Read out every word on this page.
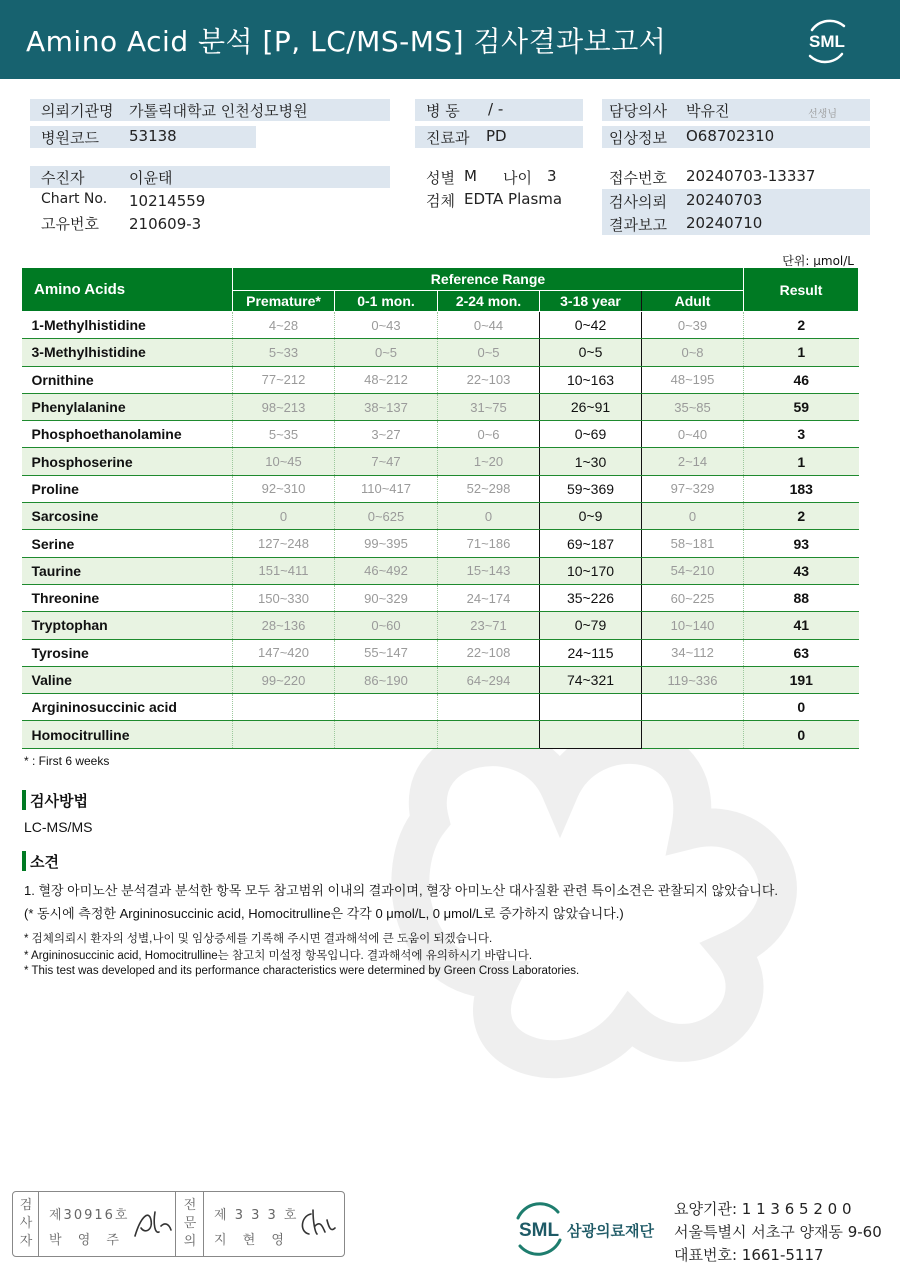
Amino Acid 분석 [P, LC/MS-MS] 검사결과보고서	SML
의뢰기관명 가톨릭대학교 인천성모병원
병원코드 53138
병 동 / -
진료과 PD
담당의사 박유진	선생님
임상정보 O68702310
수진자	이윤태
Chart No. 10214559
고유번호 210609-3
성별 M 나이 3
검체 EDTA Plasma
접수번호 20240703-13337
검사의뢰 20240703
결과보고 20240710
단위: μmol/L
Amino Acids	Reference Range					Result
	Premature*	0-1 mon.	2-24 mon.	3-18 year	Adult	
1-Methylhistidine	4~28	0~43	0~44	0~42	0~39	2
3-Methylhistidine	5~33	0~5	0~5	0~5	0~8	1
Ornithine	77~212	48~212	22~103	10~163	48~195	46
Phenylalanine	98~213	38~137	31~75	26~91	35~85	59
Phosphoethanolamine	5~35	3~27	0~6	0~69	0~40	3
Phosphoserine	10~45	7~47	1~20	1~30	2~14	1
Proline	92~310	110~417	52~298	59~369	97~329	183
Sarcosine	0	0~625	0	0~9	0	2
Serine	127~248	99~395	71~186	69~187	58~181	93
Taurine	151~411	46~492	15~143	10~170	54~210	43
Threonine	150~330	90~329	24~174	35~226	60~225	88
Tryptophan	28~136	0~60	23~71	0~79	10~140	41
Tyrosine	147~420	55~147	22~108	24~115	34~112	63
Valine	99~220	86~190	64~294	74~321	119~336	191
Argininosuccinic acid						0
Homocitrulline						0
* : First 6 weeks
검사방법
LC-MS/MS
소견
1. 혈장 아미노산 분석결과 분석한 항목 모두 참고범위 이내의 결과이며, 혈장 아미노산 대사질환 관련 특이소견은 관찰되지 않았습니다.
(* 동시에 측정한 Argininosuccinic acid, Homocitrulline은 각각 0 μmol/L, 0 μmol/L로 증가하지 않았습니다.)
* 검체의뢰시 환자의 성별,나이 및 임상증세를 기록해 주시면 결과해석에 큰 도움이 되겠습니다.
* Argininosuccinic acid, Homocitrulline는 참고치 미설정 항목입니다. 결과해석에 유의하시기 바랍니다.
* This test was developed and its performance characteristics were determined by Green Cross Laboratories.
검
사
자
제30916호
박 영 주
전
문
의
제 3 3 3 호
지 현 영	SML 삼광의료재단
요양기관: 1 1 3 6 5 2 0 0
서울특별시 서초구 양재동 9-60
대표번호: 1661-5117
